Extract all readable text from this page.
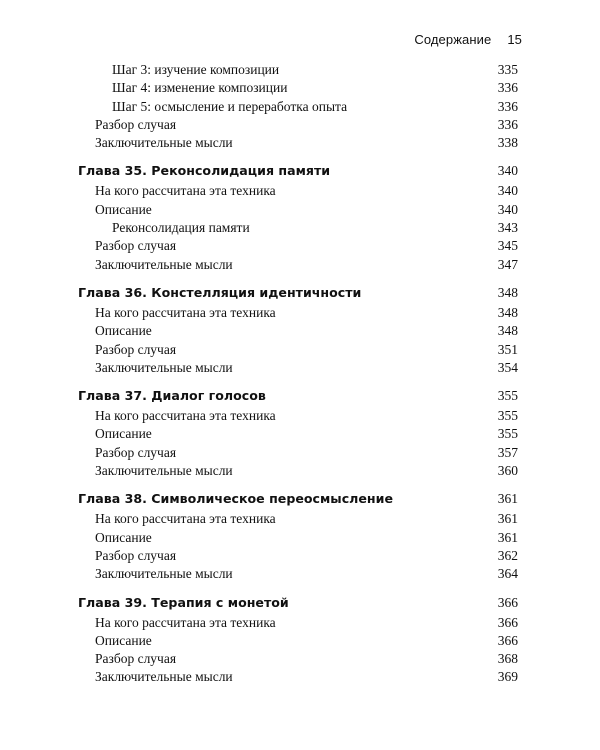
Содержание 15
Шаг 3: изучение композиции	335
Шаг 4: изменение композиции	336
Шаг 5: осмысление и переработка опыта	336
Разбор случая	336
Заключительные мысли	338
Глава 35. Реконсолидация памяти	340
На кого рассчитана эта техника	340
Описание	340
Реконсолидация памяти	343
Разбор случая	345
Заключительные мысли	347
Глава 36. Констелляция идентичности	348
На кого рассчитана эта техника	348
Описание	348
Разбор случая	351
Заключительные мысли	354
Глава 37. Диалог голосов	355
На кого рассчитана эта техника	355
Описание	355
Разбор случая	357
Заключительные мысли	360
Глава 38. Символическое переосмысление	361
На кого рассчитана эта техника	361
Описание	361
Разбор случая	362
Заключительные мысли	364
Глава 39. Терапия с монетой	366
На кого рассчитана эта техника	366
Описание	366
Разбор случая	368
Заключительные мысли	369
